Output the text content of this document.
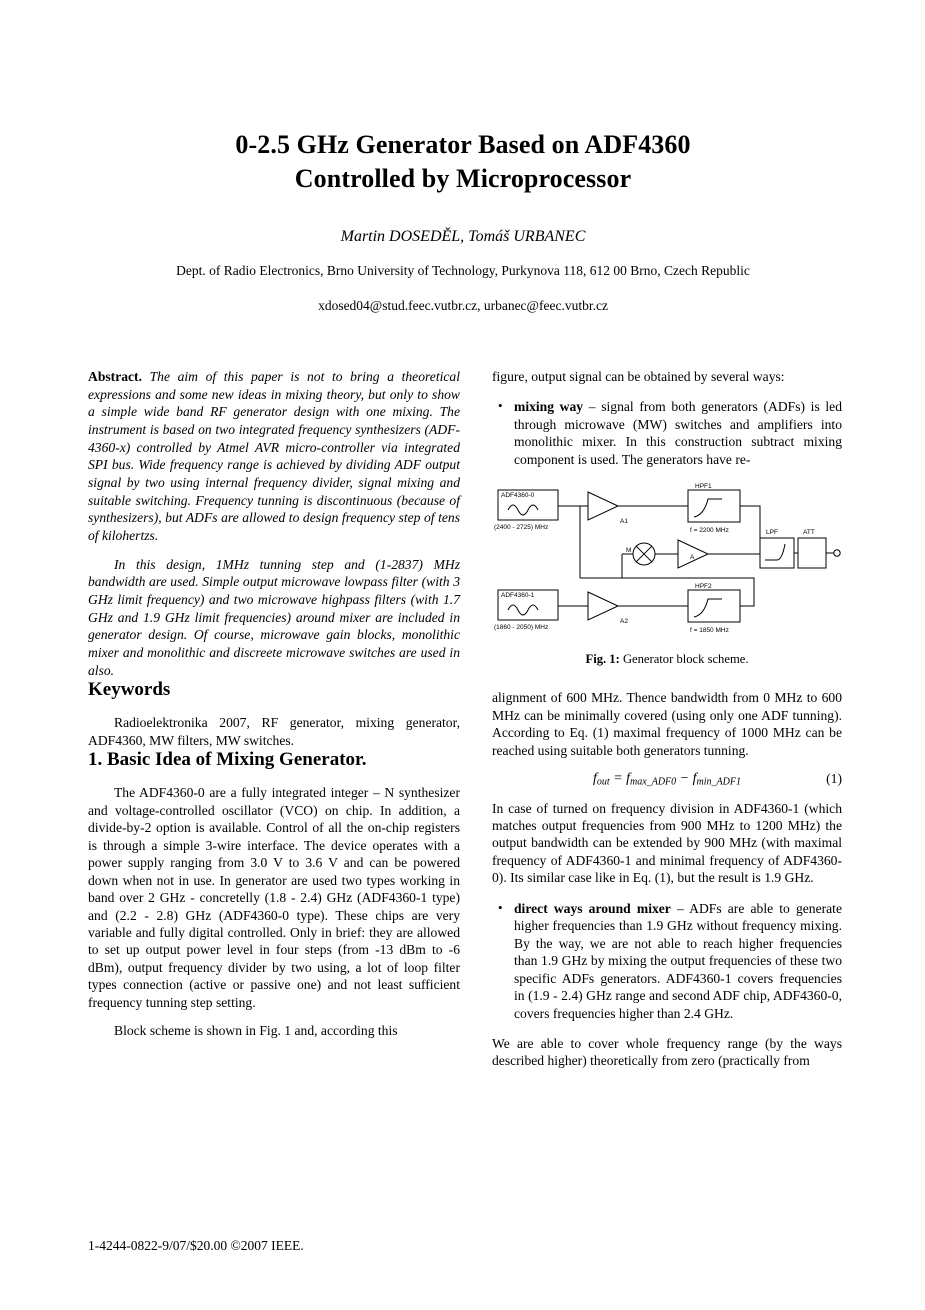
0-2.5 GHz Generator Based on ADF4360
Controlled by Microprocessor
Martin DOSEDĚL, Tomáš URBANEC
Dept. of Radio Electronics, Brno University of Technology, Purkynova 118, 612 00 Brno, Czech Republic
xdosed04@stud.feec.vutbr.cz, urbanec@feec.vutbr.cz

Abstract. The aim of this paper is not to bring a theoretical expressions and some new ideas in mixing theory, but only to show a simple wide band RF generator design with one mixing. The instrument is based on two integrated frequency synthesizers (ADF-4360-x) controlled by Atmel AVR micro-controller via integrated SPI bus. Wide frequency range is achieved by dividing ADF output signal by two using internal frequency divider, signal mixing and suitable switching. Frequency tunning is discontinuous (because of synthesizers), but ADFs are allowed to design frequency step of tens of kilohertzs.

In this design, 1MHz tunning step and (1-2837) MHz bandwidth are used. Simple output microwave lowpass filter (with 3 GHz limit frequency) and two microwave highpass filters (with 1.7 GHz and 1.9 GHz limit frequencies) around mixer are included in generator design. Of course, microwave gain blocks, monolithic mixer and monolithic and discreete microwave switches are used in also.

Keywords

Radioelektronika 2007, RF generator, mixing generator, ADF4360, MW filters, MW switches.

1. Basic Idea of Mixing Generator.

The ADF4360-0 are a fully integrated integer – N synthesizer and voltage-controlled oscillator (VCO) on chip. In addition, a divide-by-2 option is available. Control of all the on-chip registers is through a simple 3-wire interface. The device operates with a power supply ranging from 3.0 V to 3.6 V and can be powered down when not in use. In generator are used two types working in band over 2 GHz - concretelly (1.8 - 2.4) GHz (ADF4360-1 type) and (2.2 - 2.8) GHz (ADF4360-0 type). These chips are very variable and fully digital controlled. Only in brief: they are allowed to set up output power level in four steps (from -13 dBm to -6 dBm), output frequency divider by two using, a lot of loop filter types connection (active or passive one) and not least sufficient frequency tunning step setting.

Block scheme is shown in Fig. 1 and, according this

figure, output signal can be obtained by several ways:

• mixing way – signal from both generators (ADFs) is led through microwave (MW) switches and amplifiers into monolithic mixer. In this construction subtract mixing component is used. The generators have re-
ADF4360-0
(2400 - 2725) MHz
ADF4360-1
(1860 - 2050) MHz
HPF1
f = 2200 MHz
HPF2
f = 1850 MHz
A1
A2
M
A
LPF	ATT
Fig. 1: Generator block scheme.

alignment of 600 MHz. Thence bandwidth from 0 MHz to 600 MHz can be minimally covered (using only one ADF tunning). According to Eq. (1) maximal frequency of 1000 MHz can be reached using suitable both generators tunning.

$f_{out} = f_{max\_ADF0} - f_{min\_ADF1}$	(1)

In case of turned on frequency division in ADF4360-1 (which matches output frequencies from 900 MHz to 1200 MHz) the output bandwidth can be extended by 900 MHz (with maximal frequency of ADF4360-1 and minimal frequency of ADF4360-0). Its similar case like in Eq. (1), but the result is 1.9 GHz.

• direct ways around mixer – ADFs are able to generate higher frequencies than 1.9 GHz without frequency mixing. By the way, we are not able to reach higher frequencies than 1.9 GHz by mixing the output frequencies of these two specific ADFs generators. ADF4360-1 covers frequencies in (1.9 - 2.4) GHz range and second ADF chip, ADF4360-0, covers frequencies higher than 2.4 GHz.

We are able to cover whole frequency range (by the ways described higher) theoretically from zero (practically from

1-4244-0822-9/07/$20.00 ©2007 IEEE.
